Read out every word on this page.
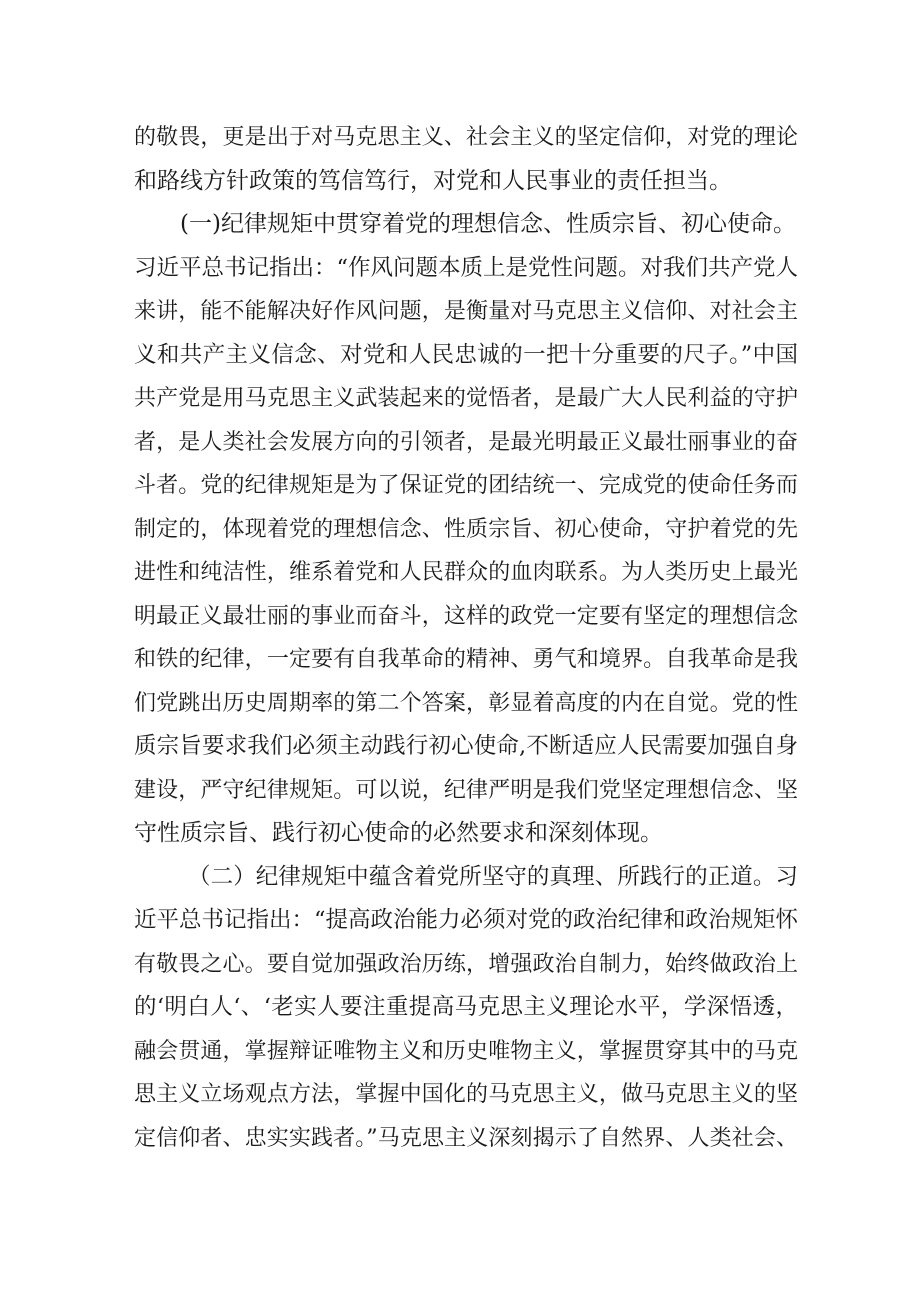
的敬畏，更是出于对马克思主义、社会主义的坚定信仰，对党的理论
和路线方针政策的笃信笃行，对党和人民事业的责任担当。
(一)纪律规矩中贯穿着党的理想信念、性质宗旨、初心使命。
习近平总书记指出：“作风问题本质上是党性问题。对我们共产党人
来讲，能不能解决好作风问题，是衡量对马克思主义信仰、对社会主
义和共产主义信念、对党和人民忠诚的一把十分重要的尺子。”中国
共产党是用马克思主义武装起来的觉悟者，是最广大人民利益的守护
者，是人类社会发展方向的引领者，是最光明最正义最壮丽事业的奋
斗者。党的纪律规矩是为了保证党的团结统一、完成党的使命任务而
制定的，体现着党的理想信念、性质宗旨、初心使命，守护着党的先
进性和纯洁性，维系着党和人民群众的血肉联系。为人类历史上最光
明最正义最壮丽的事业而奋斗，这样的政党一定要有坚定的理想信念
和铁的纪律，一定要有自我革命的精神、勇气和境界。自我革命是我
们党跳出历史周期率的第二个答案，彰显着高度的内在自觉。党的性
质宗旨要求我们必须主动践行初心使命,不断适应人民需要加强自身
建设，严守纪律规矩。可以说，纪律严明是我们党坚定理想信念、坚
守性质宗旨、践行初心使命的必然要求和深刻体现。
（二）纪律规矩中蕴含着党所坚守的真理、所践行的正道。习
近平总书记指出：“提高政治能力必须对党的政治纪律和政治规矩怀
有敬畏之心。要自觉加强政治历练，增强政治自制力，始终做政治上
的‘明白人‘、‘老实人要注重提高马克思主义理论水平，学深悟透，
融会贯通，掌握辩证唯物主义和历史唯物主义，掌握贯穿其中的马克
思主义立场观点方法，掌握中国化的马克思主义，做马克思主义的坚
定信仰者、忠实实践者。”马克思主义深刻揭示了自然界、人类社会、
